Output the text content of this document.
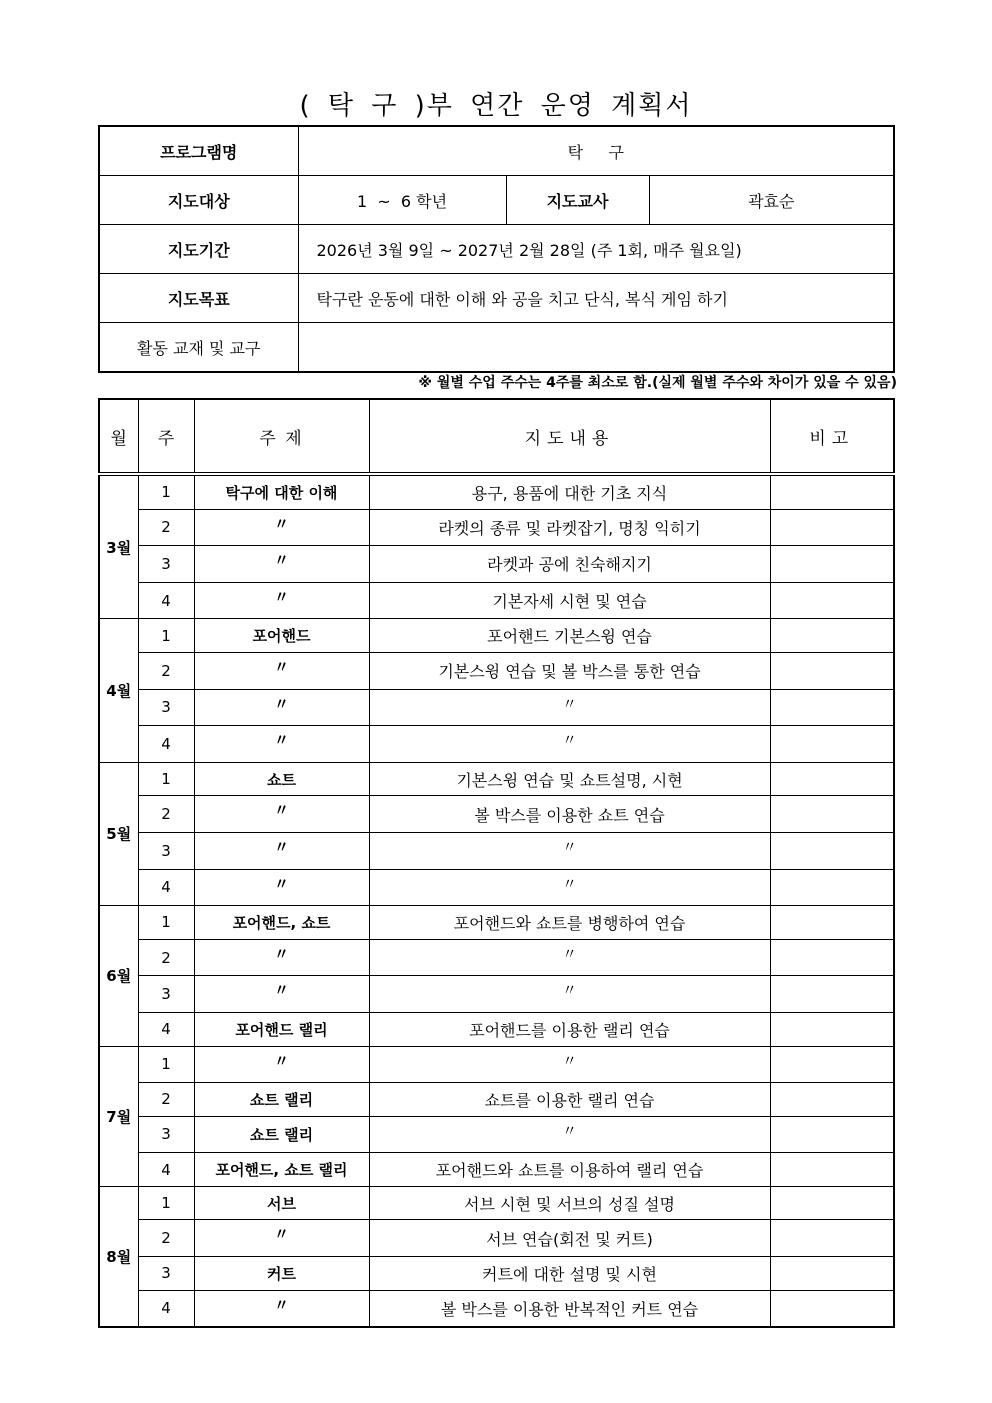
( 탁 구 )부 연간 운영 계획서
프로그램명	탁     구		
지도대상	1  ~  6 학년	지도교사	곽효순
지도기간	2026년 3월 9일 ~ 2027년 2월 28일 (주 1회, 매주 월요일)		
지도목표	탁구란 운동에 대한 이해 와 공을 치고 단식, 복식 게임 하기		
활동 교재 및 교구			
※ 월별 수업 주수는 4주를 최소로 함.(실제 월별 주수와 차이가 있을 수 있음)
월	주	주 제	지도내용	비고
3월	1	탁구에 대한 이해	용구, 용품에 대한 기초 지식	
	2	〃	라켓의 종류 및 라켓잡기, 명칭 익히기	
	3	〃	라켓과 공에 친숙해지기	
	4	〃	기본자세 시현 및 연습	
4월	1	포어핸드	포어핸드 기본스윙 연습	
	2	〃	기본스윙 연습 및 볼 박스를 통한 연습	
	3	〃	〃	
	4	〃	〃	
5월	1	쇼트	기본스윙 연습 및 쇼트설명, 시현	
	2	〃	볼 박스를 이용한 쇼트 연습	
	3	〃	〃	
	4	〃	〃	
6월	1	포어핸드, 쇼트	포어핸드와 쇼트를 병행하여 연습	
	2	〃	〃	
	3	〃	〃	
	4	포어핸드 랠리	포어핸드를 이용한 랠리 연습	
7월	1	〃	〃	
	2	쇼트 랠리	쇼트를 이용한 랠리 연습	
	3	쇼트 랠리	〃	
	4	포어핸드, 쇼트 랠리	포어핸드와 쇼트를 이용하여 랠리 연습	
8월	1	서브	서브 시현 및 서브의 성질 설명	
	2	〃	서브 연습(회전 및 커트)	
	3	커트	커트에 대한 설명 및 시현	
	4	〃	볼 박스를 이용한 반복적인 커트 연습	
